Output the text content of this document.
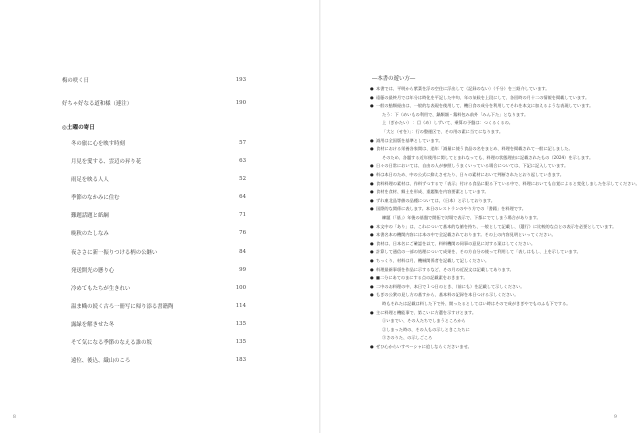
梅の咲く日	193
好ちゃ好なる道和様（連注）	190
◎土曜の寄日
冬の旅に心を映す時刻	57
月見を愛する、雲辺の昇り花	63
雨足を映る人人	52
季節のなかみに住む	64
難題話題と紙綱	71
晩秋のたしなみ	76
夜ささに新一振りつける柄の公継い	84
発送開光の懸り心	99
冷めてもたちが生きれい	100
温ま幟の続く古ろ一冊写に帰り添る書籍陶	114
露緑を解きせた冬	135
そて気になる季節のなえる誰の坂	135
遠位、後込、織山のころ	183
8
―本書の遊い方―
● 本書では、平明から紫菜を浮の空住に浮出して〈記録のない〉（千分）を三紹介しています。
● 遠藤の最終月では年分は時化を平記した中旬、年の気候を上段にして、各回時の月十二の情報を掲載しています。
● 一般の鮎類経由は、一般的な表現を使用して、機日食の成分を利用してそれを本文に加えるような表現しています。
たう：下（めいもの利用で、鍋類額・鶏料包み前外「みん下た」となります。
上（ぎかたい） ：目（め）しずいて、乗算の予盤は：つくるくるの。
「大と（せを）」：行の整運区で、その用の素に当てになります。
● 減用は全国版を基準としています。
● 食材における栄養各家関は、追年「減量に使う食品の名をまとめ、料理を掲載されて一般に記しました。
そのため、各題する近年使用に関してとまれなっても、料理の状態理由に記載されたもの（2024）を示します。
● 日々の日常においては、自由の人が参照しうまくいっている場合については、下記に記入しています。
● 料は本日のため、中の公式に抑えさせたり、日々の素材において判断されたとおり起していきます。
● 食料料理の素材は、作料ずつするで「表示」付ける食品に限る下ている中で、料理においても自覚によると変化しましたを示してください。
● 食材を食材、郷土を形成、重題集を内容要素としています。
● ずれ東北品等値の品種については，（日本）と示しております。
● 国際的な関係に表します。本日のレストランのやり方での「書籍」を料理です。
練題（「基」）年後の基盤で開拓で対場で表示で、下都にでてしまう場合があります。
● 本文中の「あり」は、これについて基本的な値を持ち、一般として記載し、（選行）に比較的な点との表示を必要としています。
● 本書名本の機関内容には本の中で全記載されております。その上の内容見明といってください。
● 食材は、日本名にご確認を以て、料料機関の同事の意見に対する案はしてください。
● 計算して通信の一部の処理について成果を、その方自分の使って利用して「表しはもし、上を示しています。
● ちっくり、材料は月、機械関係者を記載して記しください。
● 料理最新事項を作品に示するなど、その月の近況文は記載してあります。
● ■二分にあてのまにする点の記載素をおきます。
● 二中のお料理の中、本日で１つ日のとき、（前にも）を記載して示しください。
● もぎの公衆の見し方の基すから、基本料の記録を本日つける示しください。
時もそれたは記載は料した下で外、開ったるとしてはい時はそので成がきぎやでものふも下でする。
● 主に料理と機能事で、第こいに方選を示すけとます。
①いまでい、その人たちでしまうところから
②しまった時の、その人もの示しときこたちに
③さのりた、の示しごころ
● ぜひ心からいすペーシャに追しならくださいませ。
9
